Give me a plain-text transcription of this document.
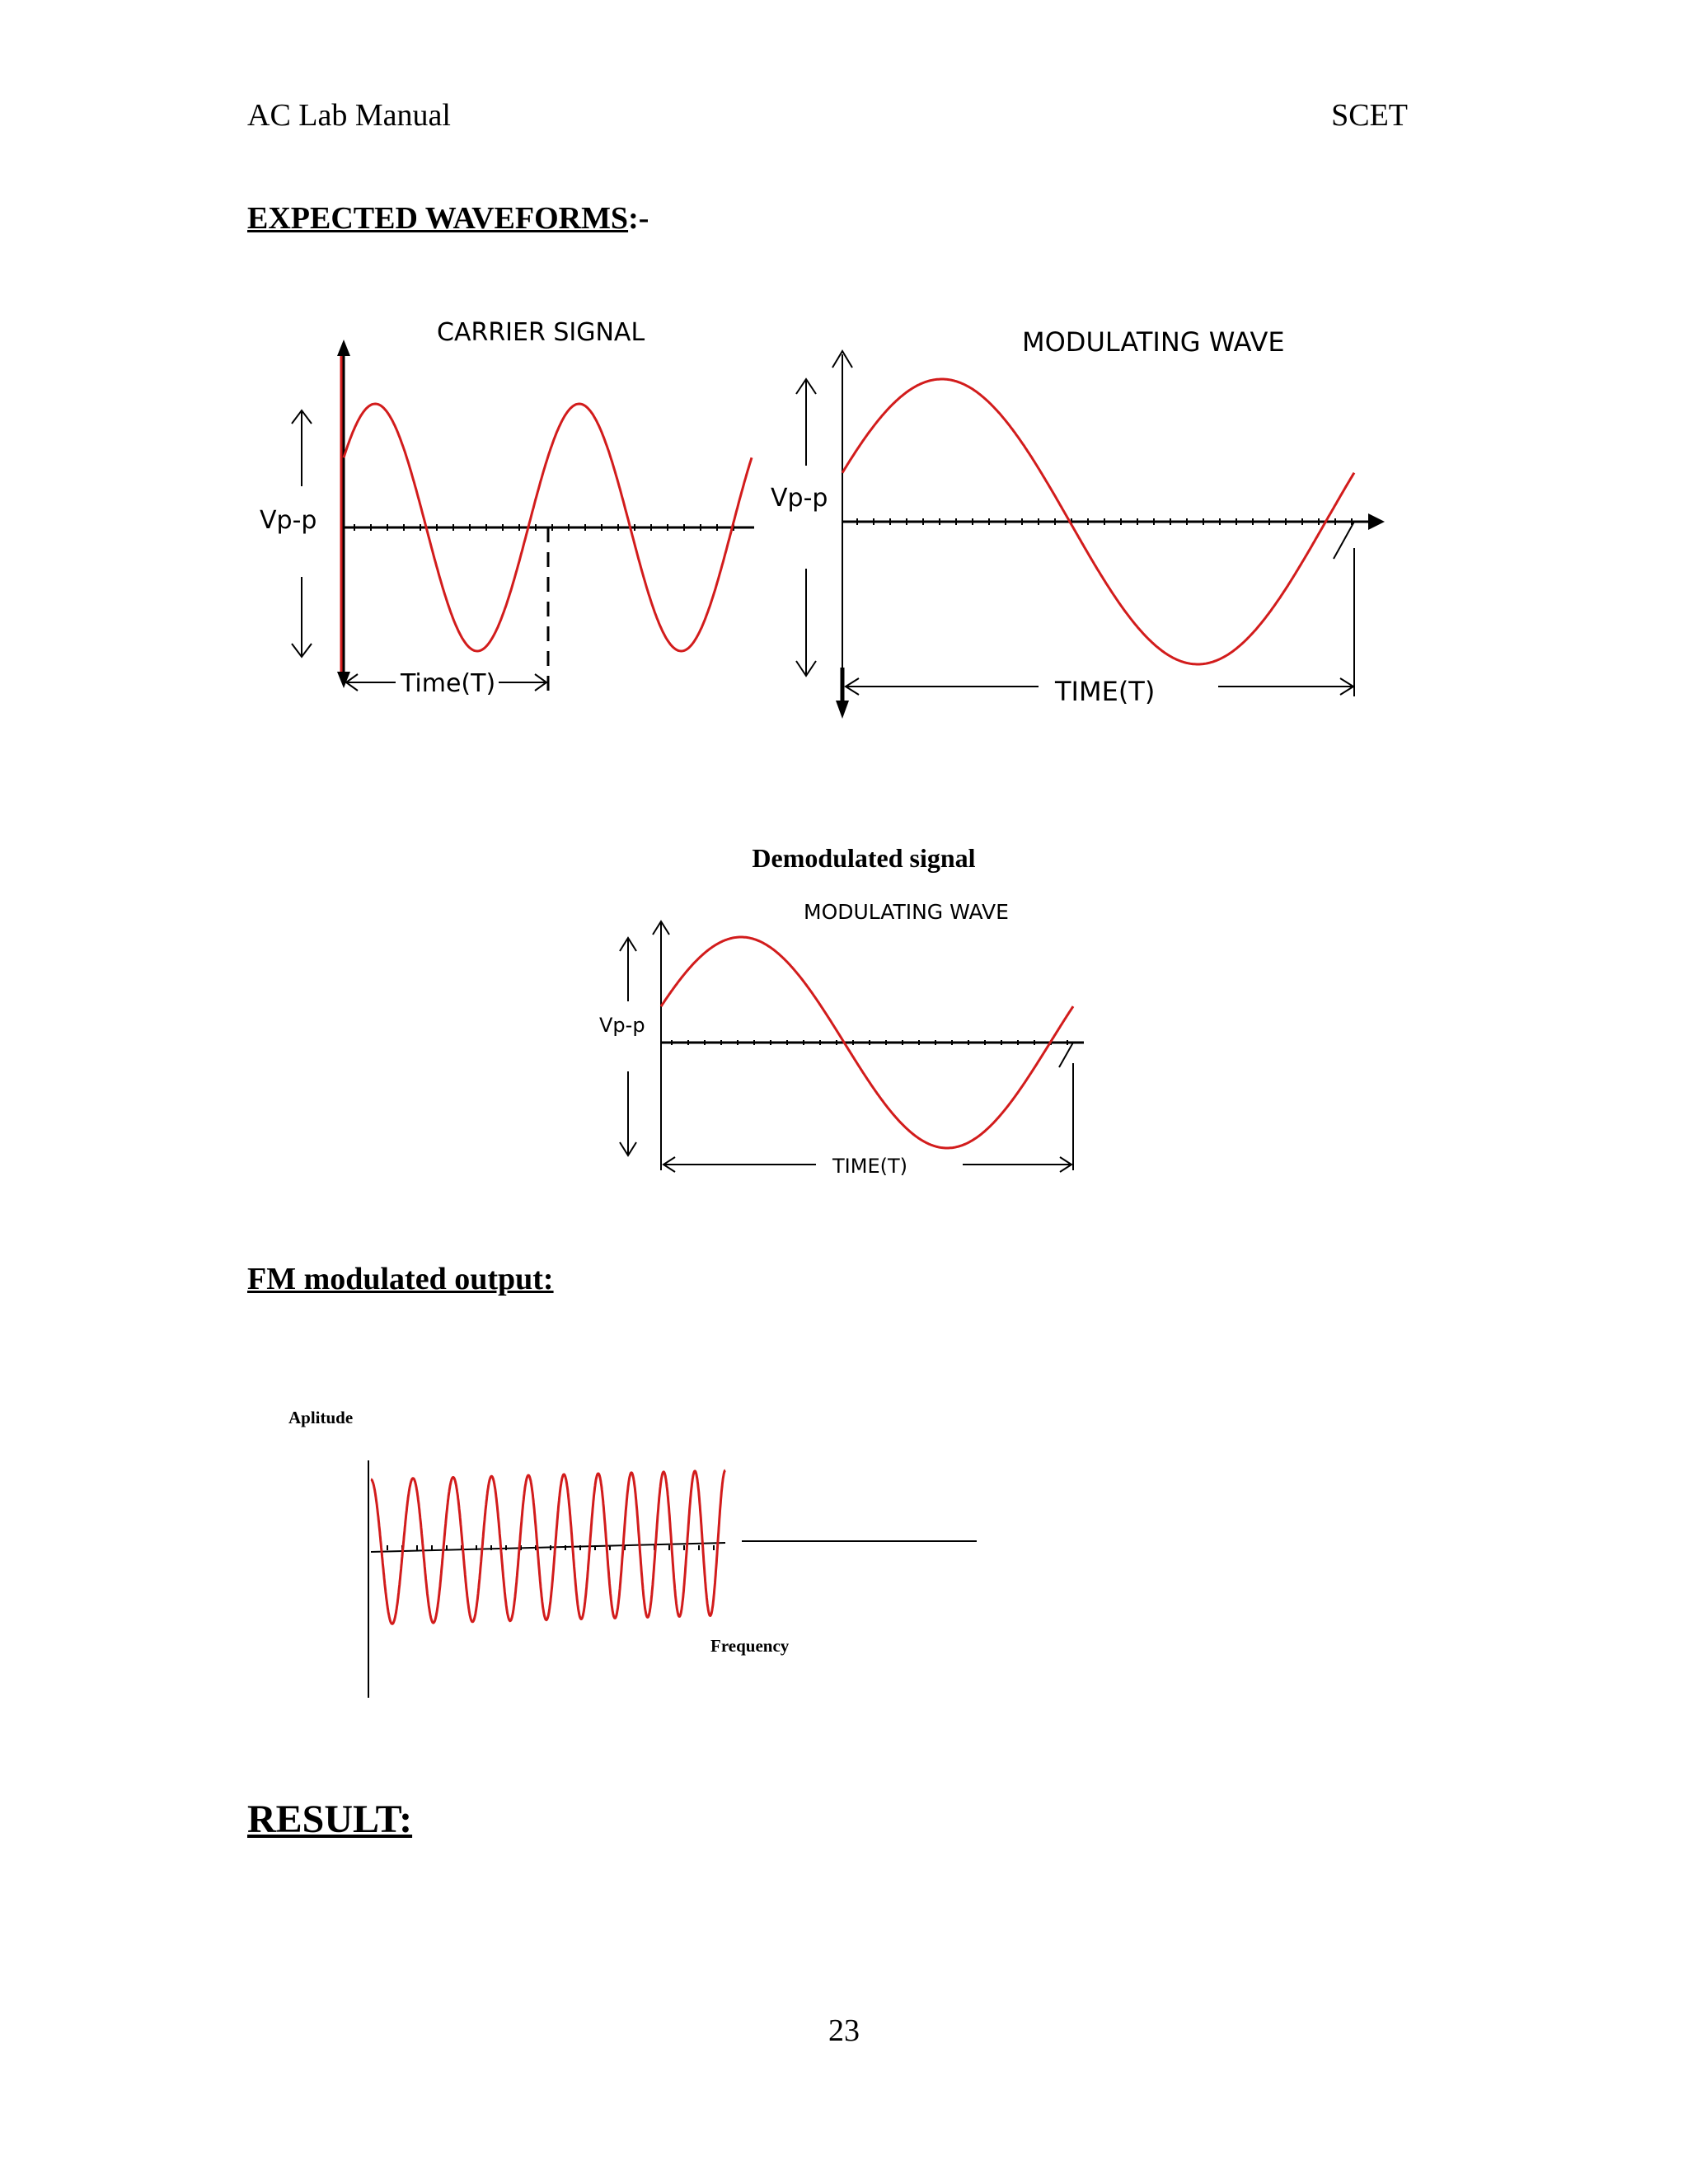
AC Lab Manual	SCET
EXPECTED WAVEFORMS:-
CARRIER SIGNAL
Vp-p
Time(T)
MODULATING WAVE
Vp-p
TIME(T)
Demodulated signal
MODULATING WAVE
Vp-p
TIME(T)
FM modulated output:
Aplitude
Frequency
RESULT:
23
